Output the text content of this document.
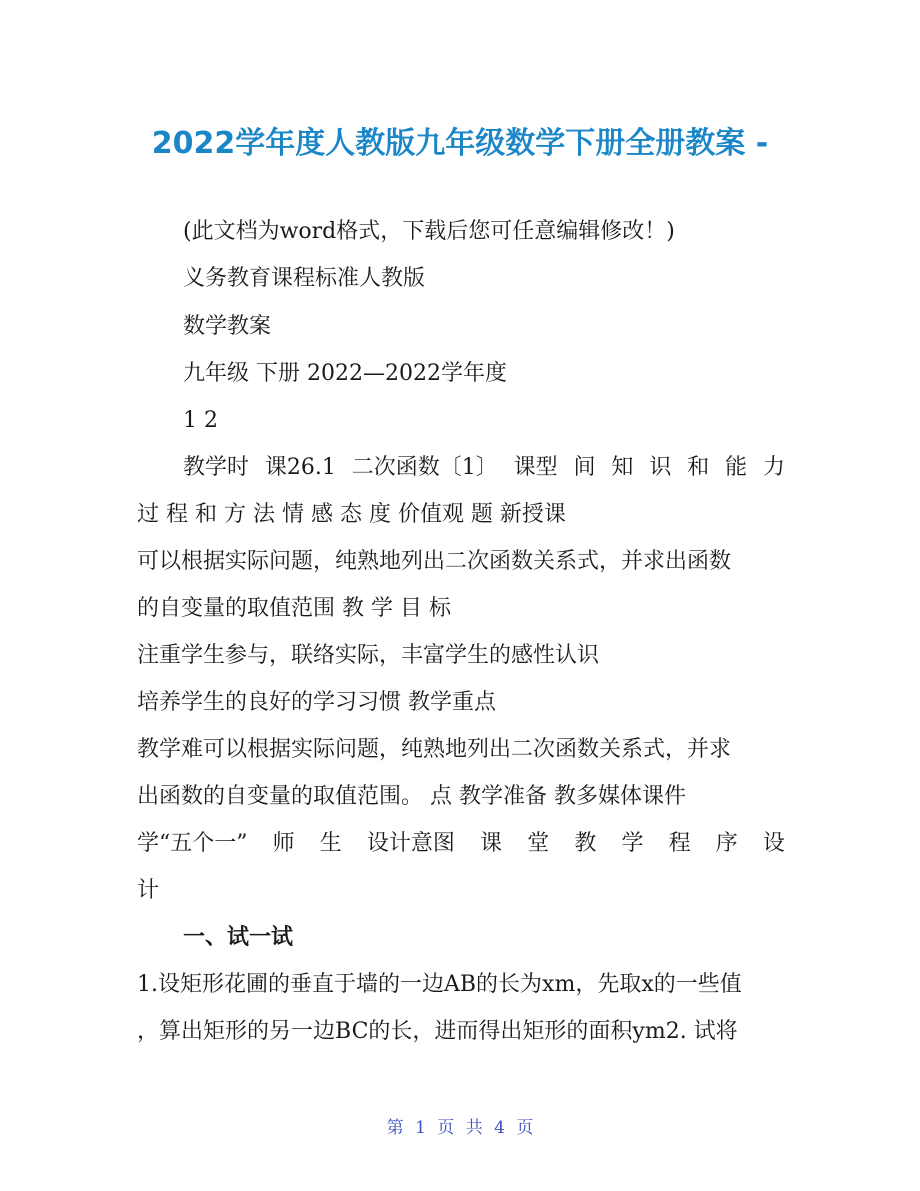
2022学年度人教版九年级数学下册全册教案 -
(此文档为word格式，下载后您可任意编辑修改！)
义务教育课程标准人教版
数学教案
九年级 下册 2022—2022学年度
1 2
教学时 课26.1 二次函数〔1〕 课型 间 知 识 和 能 力
过 程 和 方 法 情 感 态 度 价值观 题 新授课
可以根据实际问题，纯熟地列出二次函数关系式，并求出函数
的自变量的取值范围 教 学 目 标
注重学生参与，联络实际，丰富学生的感性认识
培养学生的良好的学习习惯 教学重点
教学难可以根据实际问题，纯熟地列出二次函数关系式，并求
出函数的自变量的取值范围。 点 教学准备 教多媒体课件
学“五个一” 师 生 设计意图 课 堂 教 学 程 序 设
计
一、试一试
1.设矩形花圃的垂直于墙的一边AB的长为xm，先取x的一些值
，算出矩形的另一边BC的长，进而得出矩形的面积ym2. 试将
第 1 页 共 4 页
